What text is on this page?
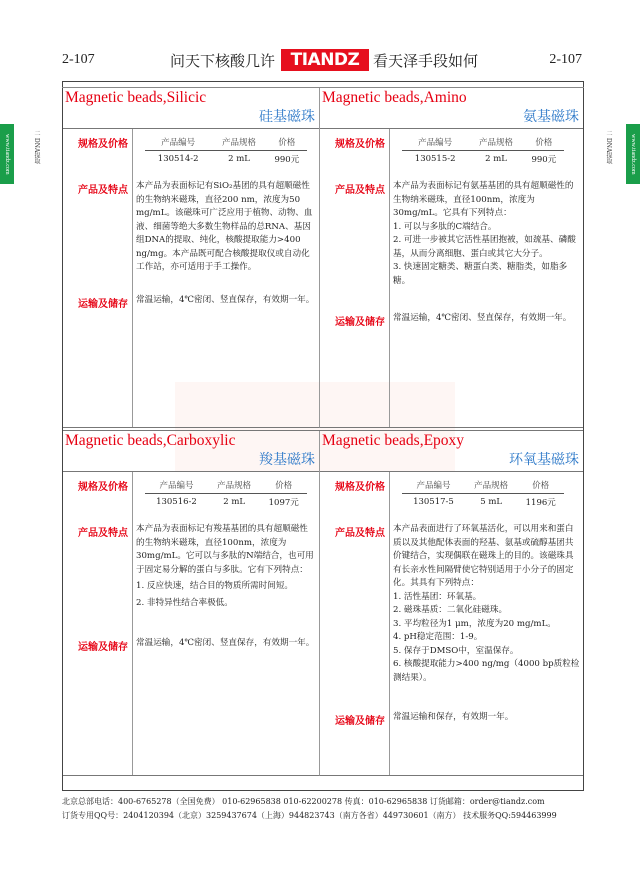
2-107	问天下核酸几许 TIANDZ 看天泽手段如何	2-107
www.tiandz.com	二 DNA提取	www.tiandz.com
二 DNA提取
Magnetic beads,Silicic
硅基磁珠
规格及价格
产品及特点
运输及储存
产品编号	产品规格	价格
130514-2	2 mL	990元

本产品为表面标记有SiO₂基团的具有超顺磁性的生物纳米磁珠，直径200 nm，浓度为50 mg/mL。该磁珠可广泛应用于植物、动物、血液、细菌等绝大多数生物样品的总RNA、基因组DNA的提取、纯化，核酸提取能力>400 ng/mg。本产品既可配合核酸提取仪或自动化工作站，亦可适用于手工操作。

常温运输，4℃密闭、竖直保存，有效期一年。
Magnetic beads,Amino
氨基磁珠
规格及价格
产品及特点
运输及储存
产品编号	产品规格	价格
130515-2	2 mL	990元

本产品为表面标记有氨基基团的具有超顺磁性的生物纳米磁珠，直径100nm，浓度为30mg/mL。它具有下列特点：

1. 可以与多肽的C端结合。

2. 可进一步被其它活性基团抱被，如巯基、磷酸基，从而分离细胞、蛋白或其它大分子。

3. 快速固定糖类、糖蛋白类、糖脂类，如脂多糖。

常温运输，4℃密闭、竖直保存，有效期一年。
Magnetic beads,Carboxylic
羧基磁珠
规格及价格
产品及特点
运输及储存
产品编号	产品规格	价格
130516-2	2 mL	1097元

本产品为表面标记有羧基基团的具有超顺磁性的生物纳米磁珠，直径100nm，浓度为30mg/mL。它可以与多肽的N端结合，也可用于固定易分解的蛋白与多肽。它有下列特点：

1. 反应快速，结合目的物质所需时间短。

2. 非特异性结合率极低。

常温运输，4℃密闭、竖直保存，有效期一年。
Magnetic beads,Epoxy
环氧基磁珠
规格及价格
产品及特点
运输及储存
产品编号	产品规格	价格
130517-5	5 mL	1196元

本产品表面进行了环氧基活化，可以用来和蛋白质以及其他配体表面的羟基、氨基或硫醇基团共价键结合，实现偶联在磁珠上的目的。该磁珠具有长亲水性间隔臂使它特别适用于小分子的固定化。其具有下列特点：

1. 活性基团：环氧基。

2. 磁珠基质：二氧化硅磁珠。

3. 平均粒径为1 μm，浓度为20 mg/mL。

4. pH稳定范围：1-9。

5. 保存于DMSO中，室温保存。

6. 核酸提取能力>400 ng/mg（4000 bp质粒检测结果）。

常温运输和保存，有效期一年。
北京总部电话：400-6765278（全国免费） 010-62965838 010-62200278 传真：010-62965838 订货邮箱：order@tiandz.com
订货专用QQ号：2404120394（北京）3259437674（上海）944823743（南方各省）449730601（南方） 技术服务QQ:594463999
